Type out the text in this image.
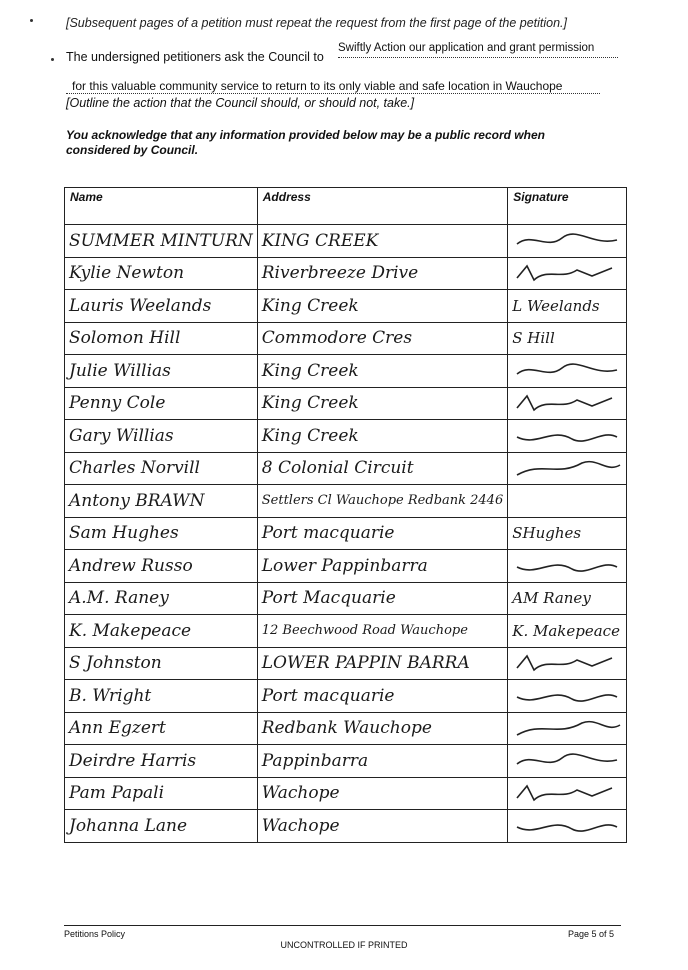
[Subsequent pages of a petition must repeat the request from the first page of the petition.]
The undersigned petitioners ask the Council to
Swiftly Action our application and grant permission
for this valuable community service to return to its only viable and safe location in Wauchope
[Outline the action that the Council should, or should not, take.]
You acknowledge that any information provided below may be a public record when considered by Council.
Name	Address	Signature
SUMMER MINTURN	KING CREEK	

Kylie Newton	Riverbreeze Drive	

Lauris Weelands	King Creek	L Weelands
Solomon Hill	Commodore Cres	S Hill
Julie Willias	King Creek	

Penny Cole	King Creek	

Gary Willias	King Creek	

Charles Norvill	8 Colonial Circuit	

Antony BRAWN	Settlers Cl Wauchope Redbank 2446	
Sam Hughes	Port macquarie	SHughes
Andrew Russo	Lower Pappinbarra	

A.M. Raney	Port Macquarie	AM Raney
K. Makepeace	12 Beechwood Road Wauchope	K. Makepeace
S Johnston	LOWER PAPPIN BARRA	

B. Wright	Port macquarie	

Ann Egzert	Redbank Wauchope	

Deirdre Harris	Pappinbarra	

Pam Papali	Wachope	

Johanna Lane	Wachope	
Petitions Policy	Page 5 of 5
UNCONTROLLED IF PRINTED
